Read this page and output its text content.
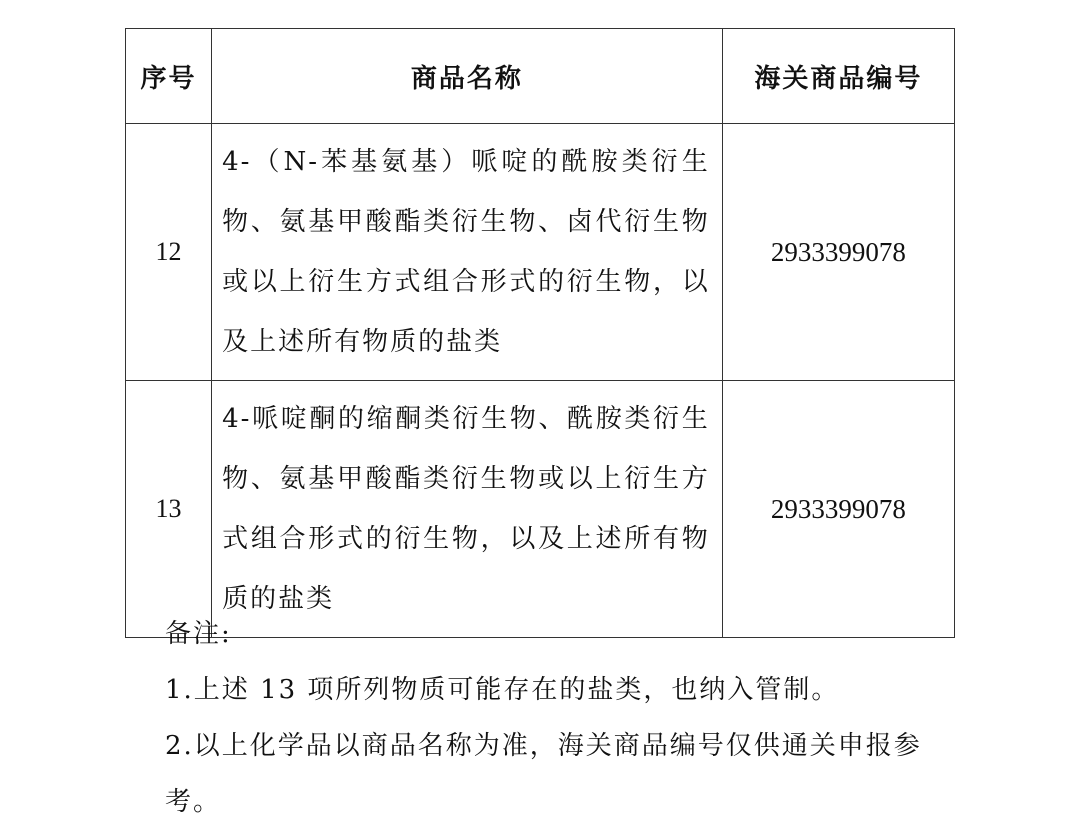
序号	商品名称	海关商品编号
12	4-（N-苯基氨基）哌啶的酰胺类衍生物、氨基甲酸酯类衍生物、卤代衍生物或以上衍生方式组合形式的衍生物，以及上述所有物质的盐类	2933399078
13	4-哌啶酮的缩酮类衍生物、酰胺类衍生物、氨基甲酸酯类衍生物或以上衍生方式组合形式的衍生物，以及上述所有物质的盐类	2933399078

备注:

1.上述 13 项所列物质可能存在的盐类，也纳入管制。

2.以上化学品以商品名称为准，海关商品编号仅供通关申报参考。
